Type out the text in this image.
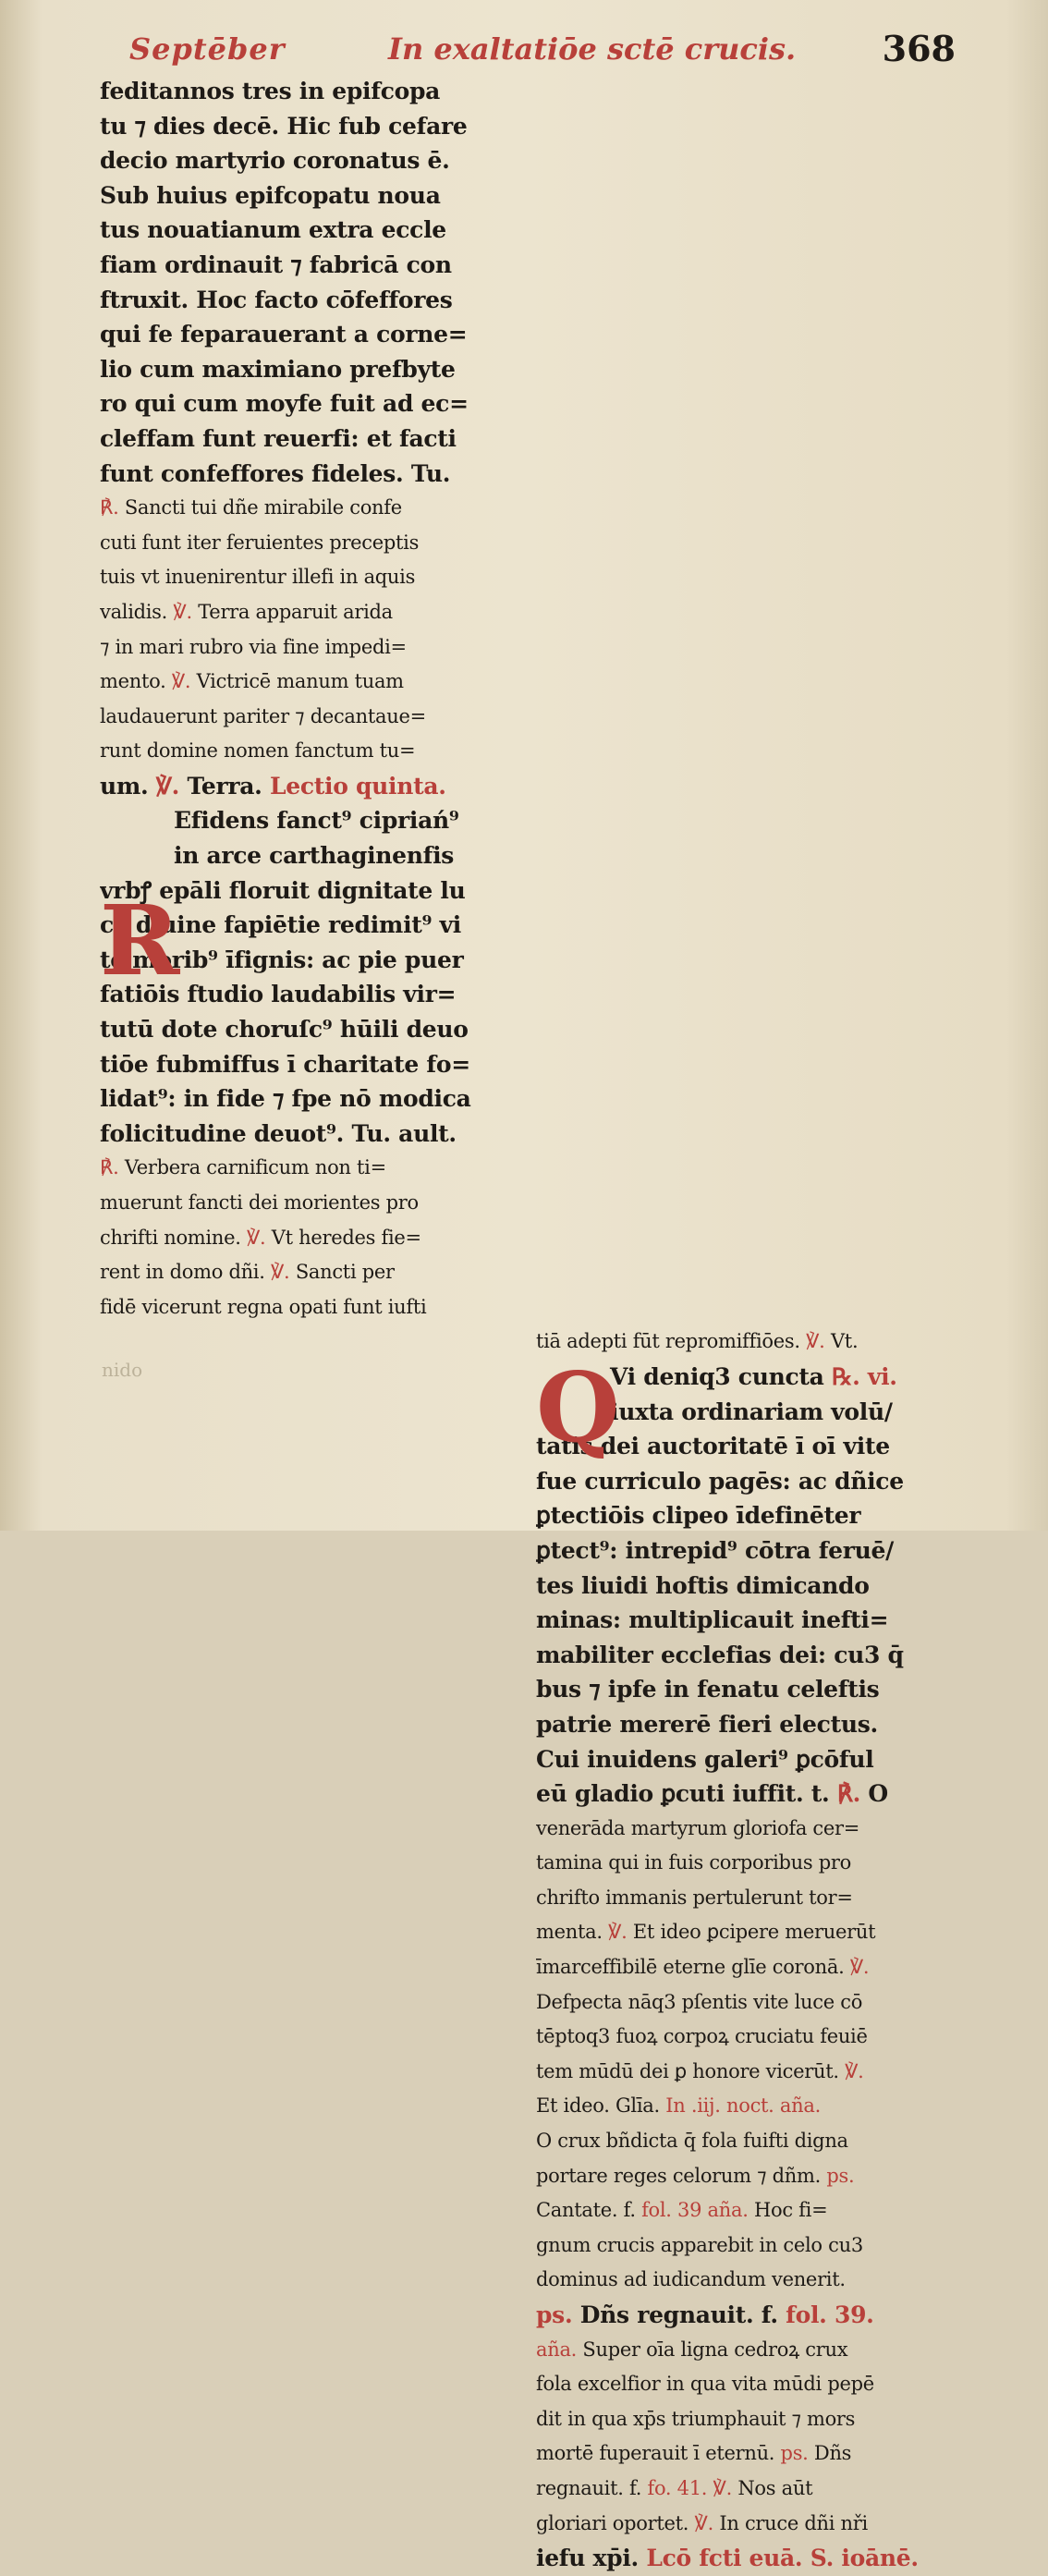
Septēber	In exaltatiōe sctē crucis. 368
R
feditannos tres in epifcopa
tu ⁊ dies decē. Hic fub cefare
decio martyrio coronatus ē.
Sub huius epifcopatu noua
tus nouatianum extra eccle
fiam ordinauit ⁊ fabricā con
ftruxit. Hoc facto cōfeffores
qui fe feparauerant a corne=
lio cum maximiano prefbyte
ro qui cum moyfe fuit ad ec=
cleffam funt reuerfi: et facti
funt confeffores fideles. Tu.
℟. Sancti tui dñe mirabile confe
cuti funt iter feruientes preceptis
tuis vt inuenirentur illefi in aquis
validis. ℣. Terra apparuit arida
⁊ in mari rubro via fine impedi=
mento. ℣. Victricē manum tuam
laudauerunt pariter ⁊ decantaue=
runt domine nomen fanctum tu=
um. ℣. Terra. Lectio quinta.
Efidens fanct⁹ cipriań⁹
in arce carthaginenfis
vrbꝭ epāli floruit dignitate lu
ce diuine fapiētie redimit⁹ vi
te morib⁹ īfignis: ac pie puer
fatiōis ftudio laudabilis vir=
tutū dote choruſc⁹ hūili deuo
tiōe fubmiffus ī charitate fo=
lidat⁹: in fide ⁊ fpe nō modica
folicitudine deuot⁹. Tu. ault.
℟. Verbera carnificum non ti=
muerunt fancti dei morientes pro
chrifti nomine. ℣. Vt heredes fie=
rent in domo dñi. ℣. Sancti per
fidē vicerunt regna opati funt iufti
Q
tiā adepti fūt repromiffiōes. ℣. Vt.
Vi deniq3 cuncta ℞. vi.
iuxta ordinariam volū/
tatis dei auctoritatē ī oī vite
fue curriculo pagēs: ac dñice
ꝑtectiōis clipeo īdefinēter
ꝑtect⁹: intrepid⁹ cōtra feruē/
tes liuidi hoftis dimicando
minas: multiplicauit inefti=
mabiliter ecclefias dei: cu3 q̄
bus ⁊ ipfe in fenatu celeftis
patrie mererē fieri electus.
Cui inuidens galeri⁹ ꝑcōful
eū gladio ꝑcuti iuffit. t. ℟. O
venerāda martyrum gloriofa cer=
tamina qui in fuis corporibus pro
chrifto immanis pertulerunt tor=
menta. ℣. Et ideo ꝑcipere meruerūt
īmarceffibilē eterne glīe coronā. ℣.
Defpecta nāq3 pſentis vite luce cō
tēptoq3 fuoꝝ corpoꝝ cruciatu feuiē
tem mūdū dei ꝑ honore vicerūt. ℣.
Et ideo. Glīa. In .iij. noct. aña.
O crux bñdicta q̄ fola fuifti digna
portare reges celorum ⁊ dñm. ps.
Cantate. f. fol. 39 aña. Hoc fi=
gnum crucis apparebit in celo cu3
dominus ad iudicandum venerit.
ps. Dñs regnauit. f. fol. 39.
aña. Super oīa ligna cedroꝝ crux
fola excelfior in qua vita mūdi pepē
dit in qua xp̄s triumphauit ⁊ mors
mortē fuperauit ī eternū. ps. Dñs
regnauit. f. fo. 41. ℣. Nos aūt
gloriari oportet. ℣. In cruce dñi nři
iefu xp̄i. Lcō fcti euā. S. ioānē.
nido
